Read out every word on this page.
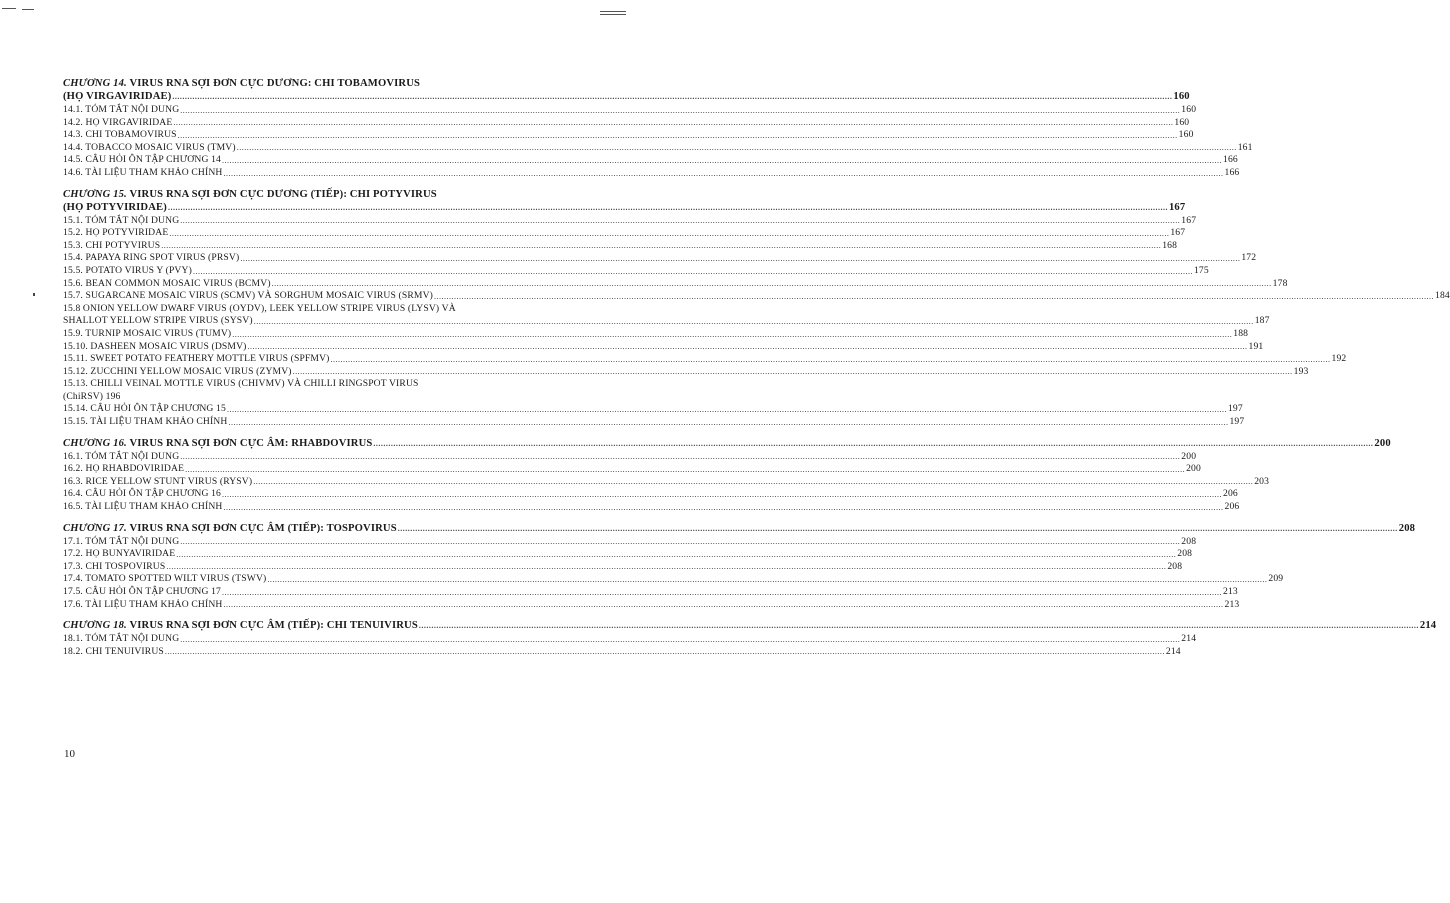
CHƯƠNG 14. VIRUS RNA SỢI ĐƠN CỰC DƯƠNG: CHI TOBAMOVIRUS
(HỌ VIRGAVIRIDAE) ................................................................................................................................................................................................................................................................................................................................................................................................................ 160
14.1. TÓM TẮT NỘI DUNG ................................................................................................................................................................................................................................................................................................................................................................................................................ 160
14.2. HỌ VIRGAVIRIDAE ................................................................................................................................................................................................................................................................................................................................................................................................................ 160
14.3. CHI TOBAMOVIRUS ................................................................................................................................................................................................................................................................................................................................................................................................................ 160
14.4. TOBACCO MOSAIC VIRUS (TMV) ................................................................................................................................................................................................................................................................................................................................................................................................................ 161
14.5. CÂU HỎI ÔN TẬP CHƯƠNG 14 ................................................................................................................................................................................................................................................................................................................................................................................................................ 166
14.6. TÀI LIỆU THAM KHẢO CHÍNH ................................................................................................................................................................................................................................................................................................................................................................................................................ 166
CHƯƠNG 15. VIRUS RNA SỢI ĐƠN CỰC DƯƠNG (TIẾP): CHI POTYVIRUS
(HỌ POTYVIRIDAE) ................................................................................................................................................................................................................................................................................................................................................................................................................ 167
15.1. TÓM TẮT NỘI DUNG ................................................................................................................................................................................................................................................................................................................................................................................................................ 167
15.2. HỌ POTYVIRIDAE ................................................................................................................................................................................................................................................................................................................................................................................................................ 167
15.3. CHI POTYVIRUS ................................................................................................................................................................................................................................................................................................................................................................................................................ 168
15.4. PAPAYA RING SPOT VIRUS (PRSV) ................................................................................................................................................................................................................................................................................................................................................................................................................ 172
15.5. POTATO VIRUS Y (PVY) ................................................................................................................................................................................................................................................................................................................................................................................................................ 175
15.6. BEAN COMMON MOSAIC VIRUS (BCMV) ................................................................................................................................................................................................................................................................................................................................................................................................................ 178
15.7. SUGARCANE MOSAIC VIRUS (SCMV) VÀ SORGHUM MOSAIC VIRUS (SRMV) ................................................................................................................................................................................................................................................................................................................................................................................................................ 184
15.8 ONION YELLOW DWARF VIRUS (OYDV), LEEK YELLOW STRIPE VIRUS (LYSV) VÀ
SHALLOT YELLOW STRIPE VIRUS (SYSV) ................................................................................................................................................................................................................................................................................................................................................................................................................ 187
15.9. TURNIP MOSAIC VIRUS (TUMV) ................................................................................................................................................................................................................................................................................................................................................................................................................ 188
15.10. DASHEEN MOSAIC VIRUS (DSMV) ................................................................................................................................................................................................................................................................................................................................................................................................................ 191
15.11. SWEET POTATO FEATHERY MOTTLE VIRUS (SPFMV) ................................................................................................................................................................................................................................................................................................................................................................................................................ 192
15.12. ZUCCHINI YELLOW MOSAIC VIRUS (ZYMV) ................................................................................................................................................................................................................................................................................................................................................................................................................ 193
15.13. CHILLI VEINAL MOTTLE VIRUS (CHIVMV) VÀ CHILLI RINGSPOT VIRUS
(ChiRSV) 196
15.14. CÂU HỎI ÔN TẬP CHƯƠNG 15 ................................................................................................................................................................................................................................................................................................................................................................................................................ 197
15.15. TÀI LIỆU THAM KHẢO CHÍNH ................................................................................................................................................................................................................................................................................................................................................................................................................ 197
CHƯƠNG 16. VIRUS RNA SỢI ĐƠN CỰC ÂM: RHABDOVIRUS ................................................................................................................................................................................................................................................................................................................................................................................................................ 200
16.1. TÓM TẮT NỘI DUNG ................................................................................................................................................................................................................................................................................................................................................................................................................ 200
16.2. HỌ RHABDOVIRIDAE ................................................................................................................................................................................................................................................................................................................................................................................................................ 200
16.3. RICE YELLOW STUNT VIRUS (RYSV) ................................................................................................................................................................................................................................................................................................................................................................................................................ 203
16.4. CÂU HỎI ÔN TẬP CHƯƠNG 16 ................................................................................................................................................................................................................................................................................................................................................................................................................ 206
16.5. TÀI LIỆU THAM KHẢO CHÍNH ................................................................................................................................................................................................................................................................................................................................................................................................................ 206
CHƯƠNG 17. VIRUS RNA SỢI ĐƠN CỰC ÂM (TIẾP): TOSPOVIRUS ................................................................................................................................................................................................................................................................................................................................................................................................................ 208
17.1. TÓM TẮT NỘI DUNG ................................................................................................................................................................................................................................................................................................................................................................................................................ 208
17.2. HỌ BUNYAVIRIDAE ................................................................................................................................................................................................................................................................................................................................................................................................................ 208
17.3. CHI TOSPOVIRUS ................................................................................................................................................................................................................................................................................................................................................................................................................ 208
17.4. TOMATO SPOTTED WILT VIRUS (TSWV) ................................................................................................................................................................................................................................................................................................................................................................................................................ 209
17.5. CÂU HỎI ÔN TẬP CHƯƠNG 17 ................................................................................................................................................................................................................................................................................................................................................................................................................ 213
17.6. TÀI LIỆU THAM KHẢO CHÍNH ................................................................................................................................................................................................................................................................................................................................................................................................................ 213
CHƯƠNG 18. VIRUS RNA SỢI ĐƠN CỰC ÂM (TIẾP): CHI TENUIVIRUS ................................................................................................................................................................................................................................................................................................................................................................................................................ 214
18.1. TÓM TẮT NỘI DUNG ................................................................................................................................................................................................................................................................................................................................................................................................................ 214
18.2. CHI TENUIVIRUS ................................................................................................................................................................................................................................................................................................................................................................................................................ 214
10
